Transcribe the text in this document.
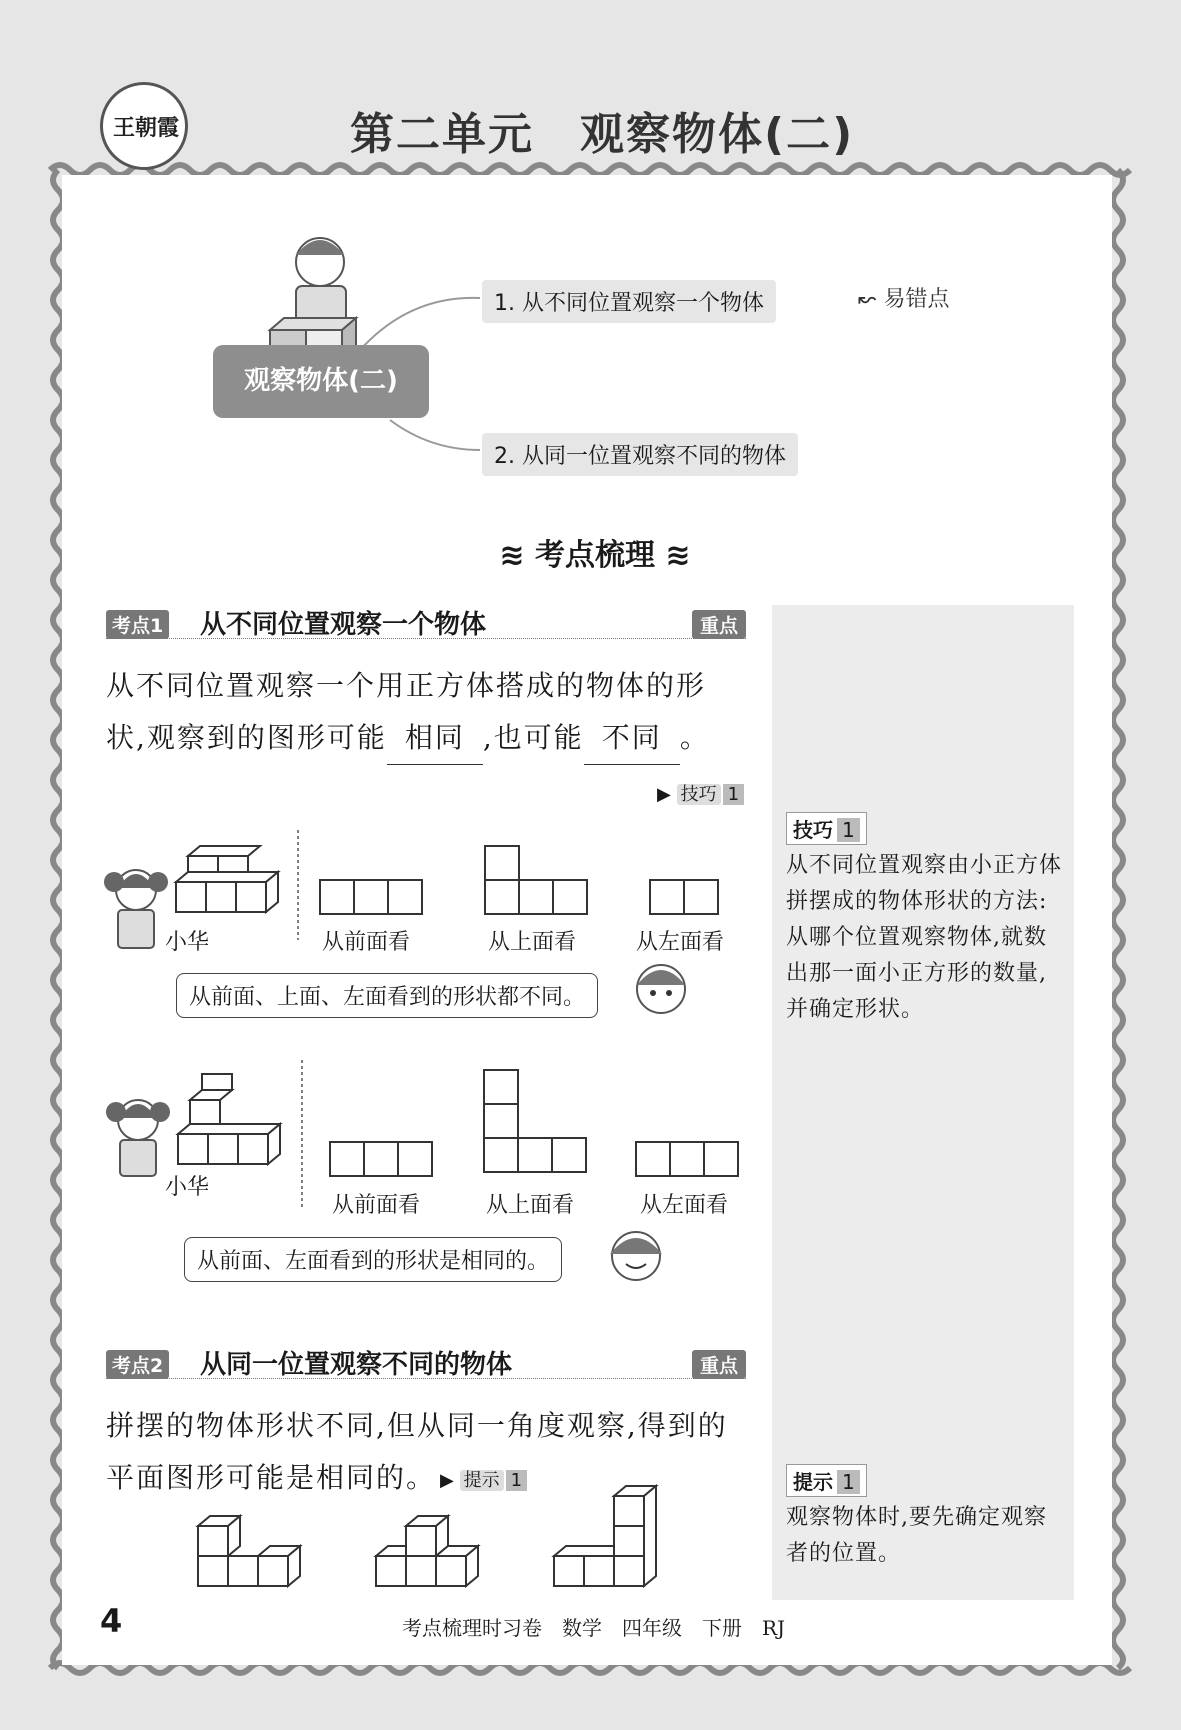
王朝霞	第二单元　观察物体(二)
观察物体(二)
1. 从不同位置观察一个物体	↜ 易错点
2. 从同一位置观察不同的物体
≋ 考点梳理 ≋
技巧 1
从不同位置观察由小正方体拼摆成的物体形状的方法:从哪个位置观察物体,就数出那一面小正方形的数量,并确定形状。
提示 1
观察物体时,要先确定观察者的位置。
考点1 从不同位置观察一个物体	重点
从不同位置观察一个用正方体搭成的物体的形
状,观察到的图形可能 相同 ,也可能 不同 。
▶ 技巧 1
小华	从前面看	从上面看	从左面看
从前面、上面、左面看到的形状都不同。
小华
从前面看	从上面看	从左面看
从前面、左面看到的形状是相同的。
考点2 从同一位置观察不同的物体	重点
拼摆的物体形状不同,但从同一角度观察,得到的
平面图形可能是相同的。 ▶ 提示 1
4	考点梳理时习卷　数学　四年级　下册　RJ
